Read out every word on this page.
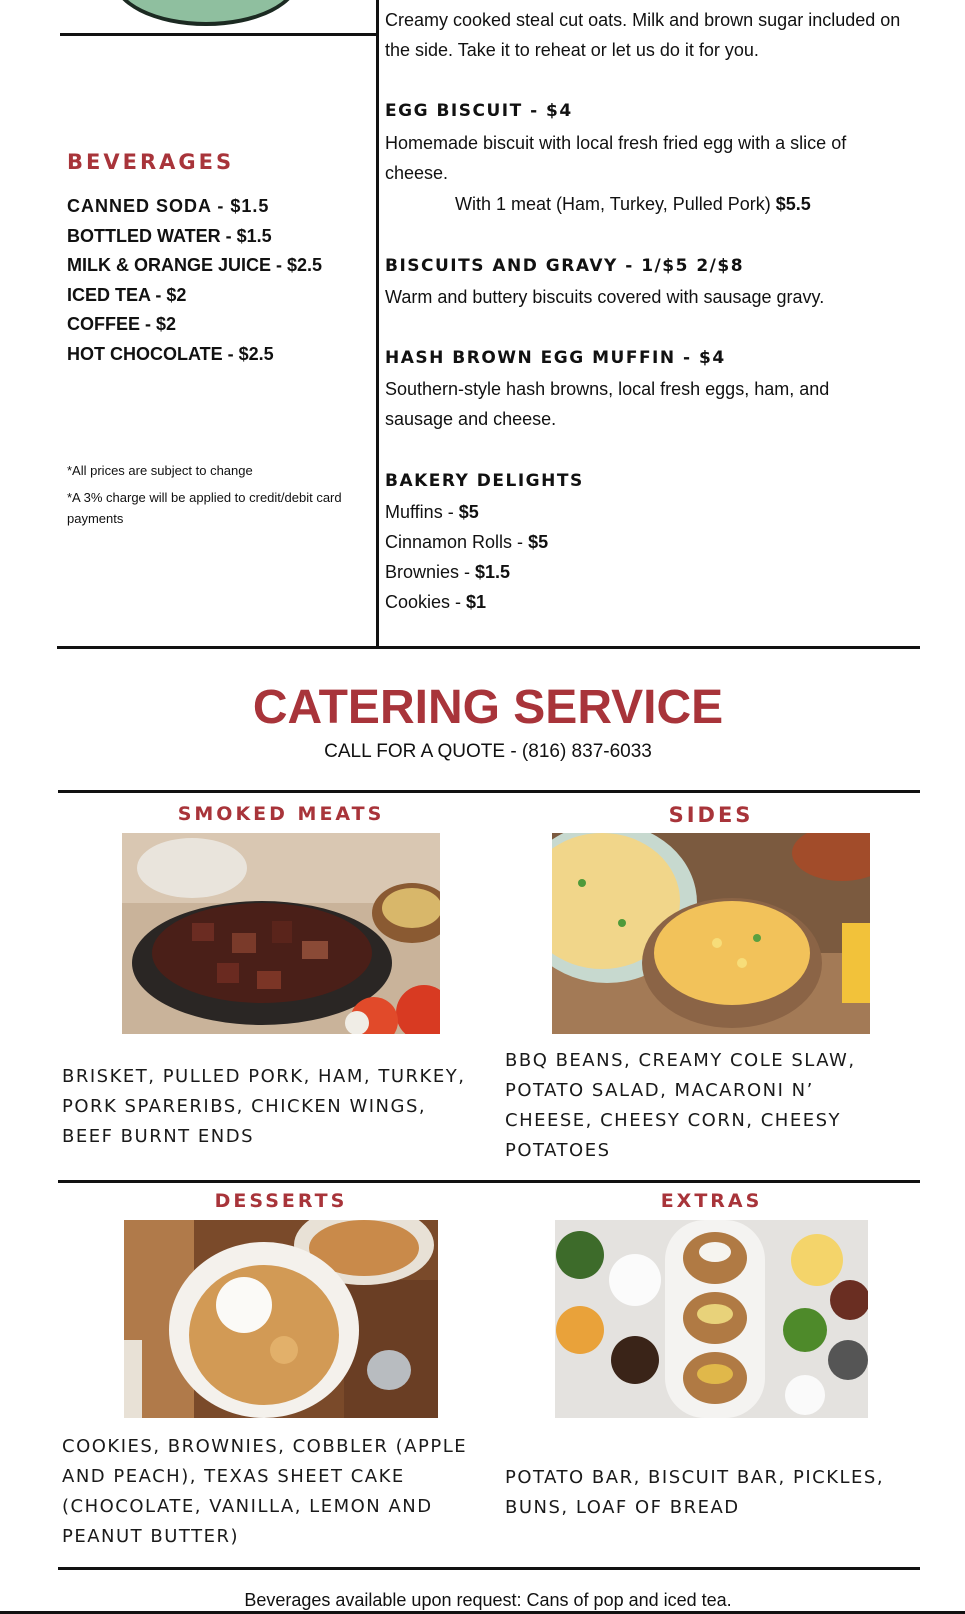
BEVERAGES
CANNED SODA - $1.5
BOTTLED WATER - $1.5
MILK & ORANGE JUICE - $2.5
ICED TEA - $2
COFFEE - $2
HOT CHOCOLATE - $2.5
*All prices are subject to change
*A 3% charge will be applied to credit/debit card payments
Creamy cooked steal cut oats. Milk and brown sugar included on the side. Take it to reheat or let us do it for you.
EGG BISCUIT - $4
Homemade biscuit with local fresh fried egg with a slice of cheese.
With 1 meat (Ham, Turkey, Pulled Pork) $5.5
BISCUITS AND GRAVY - 1/$5 2/$8
Warm and buttery biscuits covered with sausage gravy.
HASH BROWN EGG MUFFIN - $4
Southern-style hash browns, local fresh eggs, ham, and sausage and cheese.
BAKERY DELIGHTS
Muffins - $5
Cinnamon Rolls - $5
Brownies - $1.5
Cookies - $1
CATERING SERVICE
CALL FOR A QUOTE - (816) 837-6033
SMOKED MEATS
BRISKET, PULLED PORK, HAM, TURKEY, PORK SPARERIBS, CHICKEN WINGS, BEEF BURNT ENDS
SIDES
BBQ BEANS, CREAMY COLE SLAW, POTATO SALAD, MACARONI N’ CHEESE, CHEESY CORN, CHEESY POTATOES
DESSERTS
COOKIES, BROWNIES, COBBLER (APPLE AND PEACH), TEXAS SHEET CAKE (CHOCOLATE, VANILLA, LEMON AND PEANUT BUTTER)
EXTRAS
POTATO BAR, BISCUIT BAR, PICKLES, BUNS, LOAF OF BREAD
Beverages available upon request: Cans of pop and iced tea.
